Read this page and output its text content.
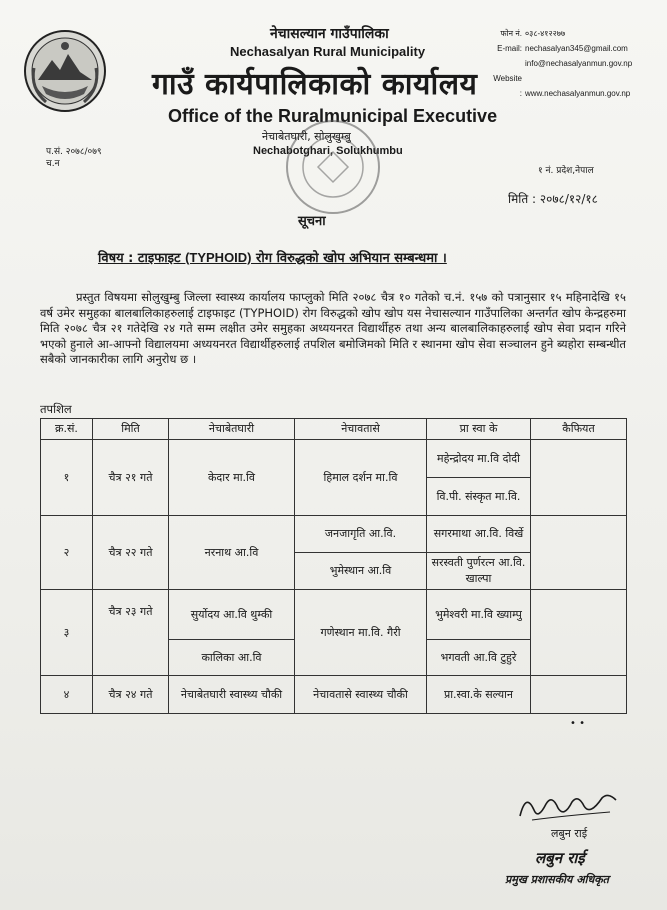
नेचासल्यान गाउँपालिका
Nechasalyan Rural Municipality
गाउँ कार्यपालिकाको कार्यालय
Office of the Ruralmunicipal Executive
नेचाबेतघारी, सोलुखुम्बु
Nechabotghari, Solukhumbu
फोन नं. ०३८-४१२२७७
E-mail: nechasalyan345@gmail.com
info@nechasalyanmun.gov.np
Website : www.nechasalyanmun.gov.np
प.सं. २०७८/०७९
च.न
१ नं. प्रदेश,नेपाल
मिति : २०७८/१२/१८
सूचना
विषय : टाइफाइट (TYPHOID) रोग विरुद्धको खोप अभियान सम्बन्धमा ।
प्रस्तुत विषयमा सोलुखुम्बु जिल्ला स्वास्थ्य कार्यालय फाप्लुको मिति २०७८ चैत्र १० गतेको च.नं. १५७ को पत्रानुसार १५ महिनादेखि १५ वर्ष उमेर समुहका बालबालिकाहरुलाई टाइफाइट (TYPHOID) रोग विरुद्धको खोप खोप यस नेचासल्यान गाउँपालिका अन्तर्गत खोप केन्द्रहरुमा मिति २०७८ चैत्र २१ गतेदेखि २४ गते सम्म लक्षीत उमेर समुहका अध्ययनरत विद्यार्थीहरु तथा अन्य बालबालिकाहरुलाई खोप सेवा प्रदान गरिने भएको हुनाले आ-आफ्नो विद्यालयमा अध्ययनरत विद्यार्थीहरुलाई तपशिल बमोजिमको मिति र स्थानमा खोप सेवा सञ्चालन हुने ब्यहोरा सम्बन्धीत सबैको जानकारीका लागि अनुरोध छ ।
तपशिल
क्र.सं.	मिति	नेचाबेतघारी	नेचावतासे	प्रा स्वा के	कैफियत
१	चैत्र २१ गते	केदार मा.वि	हिमाल दर्शन मा.वि	महेन्द्रोदय मा.वि दोदी	
				वि.पी. संस्कृत मा.वि.	
२	चैत्र २२ गते	नरनाथ आ.वि	जनजागृति आ.वि.	सगरमाथा आ.वि. विर्खे	
			भुमेस्थान आ.वि	सरस्वती पुर्णरत्न आ.वि. खाल्पा	
३	चैत्र २३ गते	सुर्योदय आ.वि थुम्की	गणेस्थान मा.वि. गैरी	भुमेश्वरी मा.वि ख्याम्पु	
		कालिका आ.वि		भगवती आ.वि टुहुरे	
४	चैत्र २४ गते	नेचाबेतघारी स्वास्थ्य चौकी	नेचावतासे स्वास्थ्य चौकी	प्रा.स्वा.के सल्यान	
• •
लबुन राई
लबुन राई
प्रमुख प्रशासकीय अधिकृत
